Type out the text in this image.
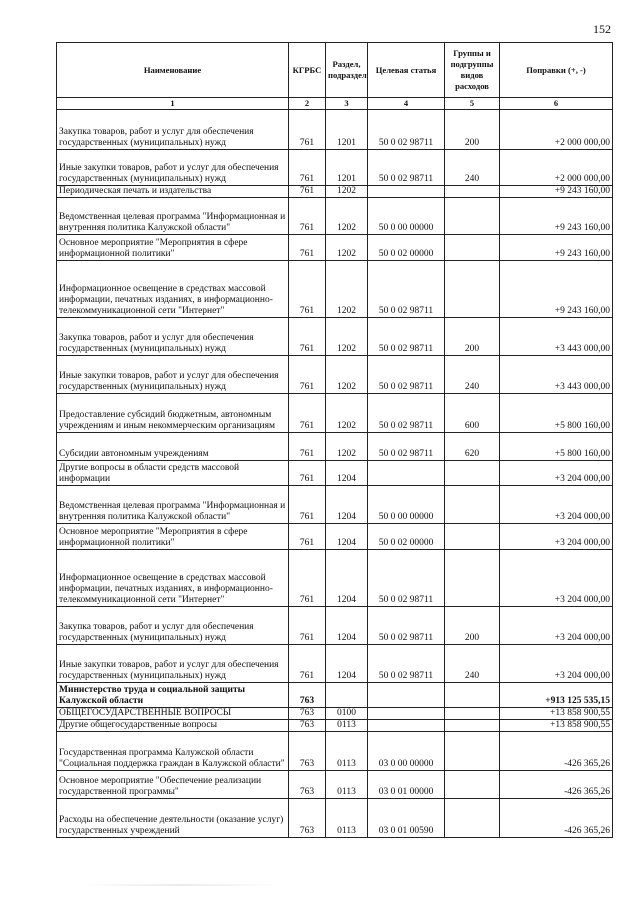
152
Наименование	КГРБС	Раздел, подраздел	Целевая статья	Группы и подгруппы видов расходов	Поправки (+, -)
1	2	3	4	5	6
Закупка товаров, работ и услуг для обеспечения государственных (муниципальных) нужд	761	1201	50 0 02 98711	200	+2 000 000,00
Иные закупки товаров, работ и услуг для обеспечения государственных (муниципальных) нужд	761	1201	50 0 02 98711	240	+2 000 000,00
Периодическая печать и издательства	761	1202			+9 243 160,00
Ведомственная целевая программа "Информационная и внутренняя политика Калужской области"	761	1202	50 0 00 00000		+9 243 160,00
Основное мероприятие "Мероприятия в сфере информационной политики"	761	1202	50 0 02 00000		+9 243 160,00
Информационное освещение в средствах массовой информации, печатных изданиях, в информационно-телекоммуникационной сети "Интернет"	761	1202	50 0 02 98711		+9 243 160,00
Закупка товаров, работ и услуг для обеспечения государственных (муниципальных) нужд	761	1202	50 0 02 98711	200	+3 443 000,00
Иные закупки товаров, работ и услуг для обеспечения государственных (муниципальных) нужд	761	1202	50 0 02 98711	240	+3 443 000,00
Предоставление субсидий бюджетным, автономным учреждениям и иным некоммерческим организациям	761	1202	50 0 02 98711	600	+5 800 160,00
Субсидии автономным учреждениям	761	1202	50 0 02 98711	620	+5 800 160,00
Другие вопросы в области средств массовой информации	761	1204			+3 204 000,00
Ведомственная целевая программа "Информационная и внутренняя политика Калужской области"	761	1204	50 0 00 00000		+3 204 000,00
Основное мероприятие "Мероприятия в сфере информационной политики"	761	1204	50 0 02 00000		+3 204 000,00
Информационное освещение в средствах массовой информации, печатных изданиях, в информационно-телекоммуникационной сети "Интернет"	761	1204	50 0 02 98711		+3 204 000,00
Закупка товаров, работ и услуг для обеспечения государственных (муниципальных) нужд	761	1204	50 0 02 98711	200	+3 204 000,00
Иные закупки товаров, работ и услуг для обеспечения государственных (муниципальных) нужд	761	1204	50 0 02 98711	240	+3 204 000,00
Министерство труда и социальной защиты Калужской области	763				+913 125 535,15
ОБЩЕГОСУДАРСТВЕННЫЕ ВОПРОСЫ	763	0100			+13 858 900,55
Другие общегосударственные вопросы	763	0113			+13 858 900,55
Государственная программа Калужской области "Социальная поддержка граждан в Калужской области"	763	0113	03 0 00 00000		-426 365,26
Основное мероприятие "Обеспечение реализации государственной программы"	763	0113	03 0 01 00000		-426 365,26
Расходы на обеспечение деятельности (оказание услуг) государственных учреждений	763	0113	03 0 01 00590		-426 365,26
